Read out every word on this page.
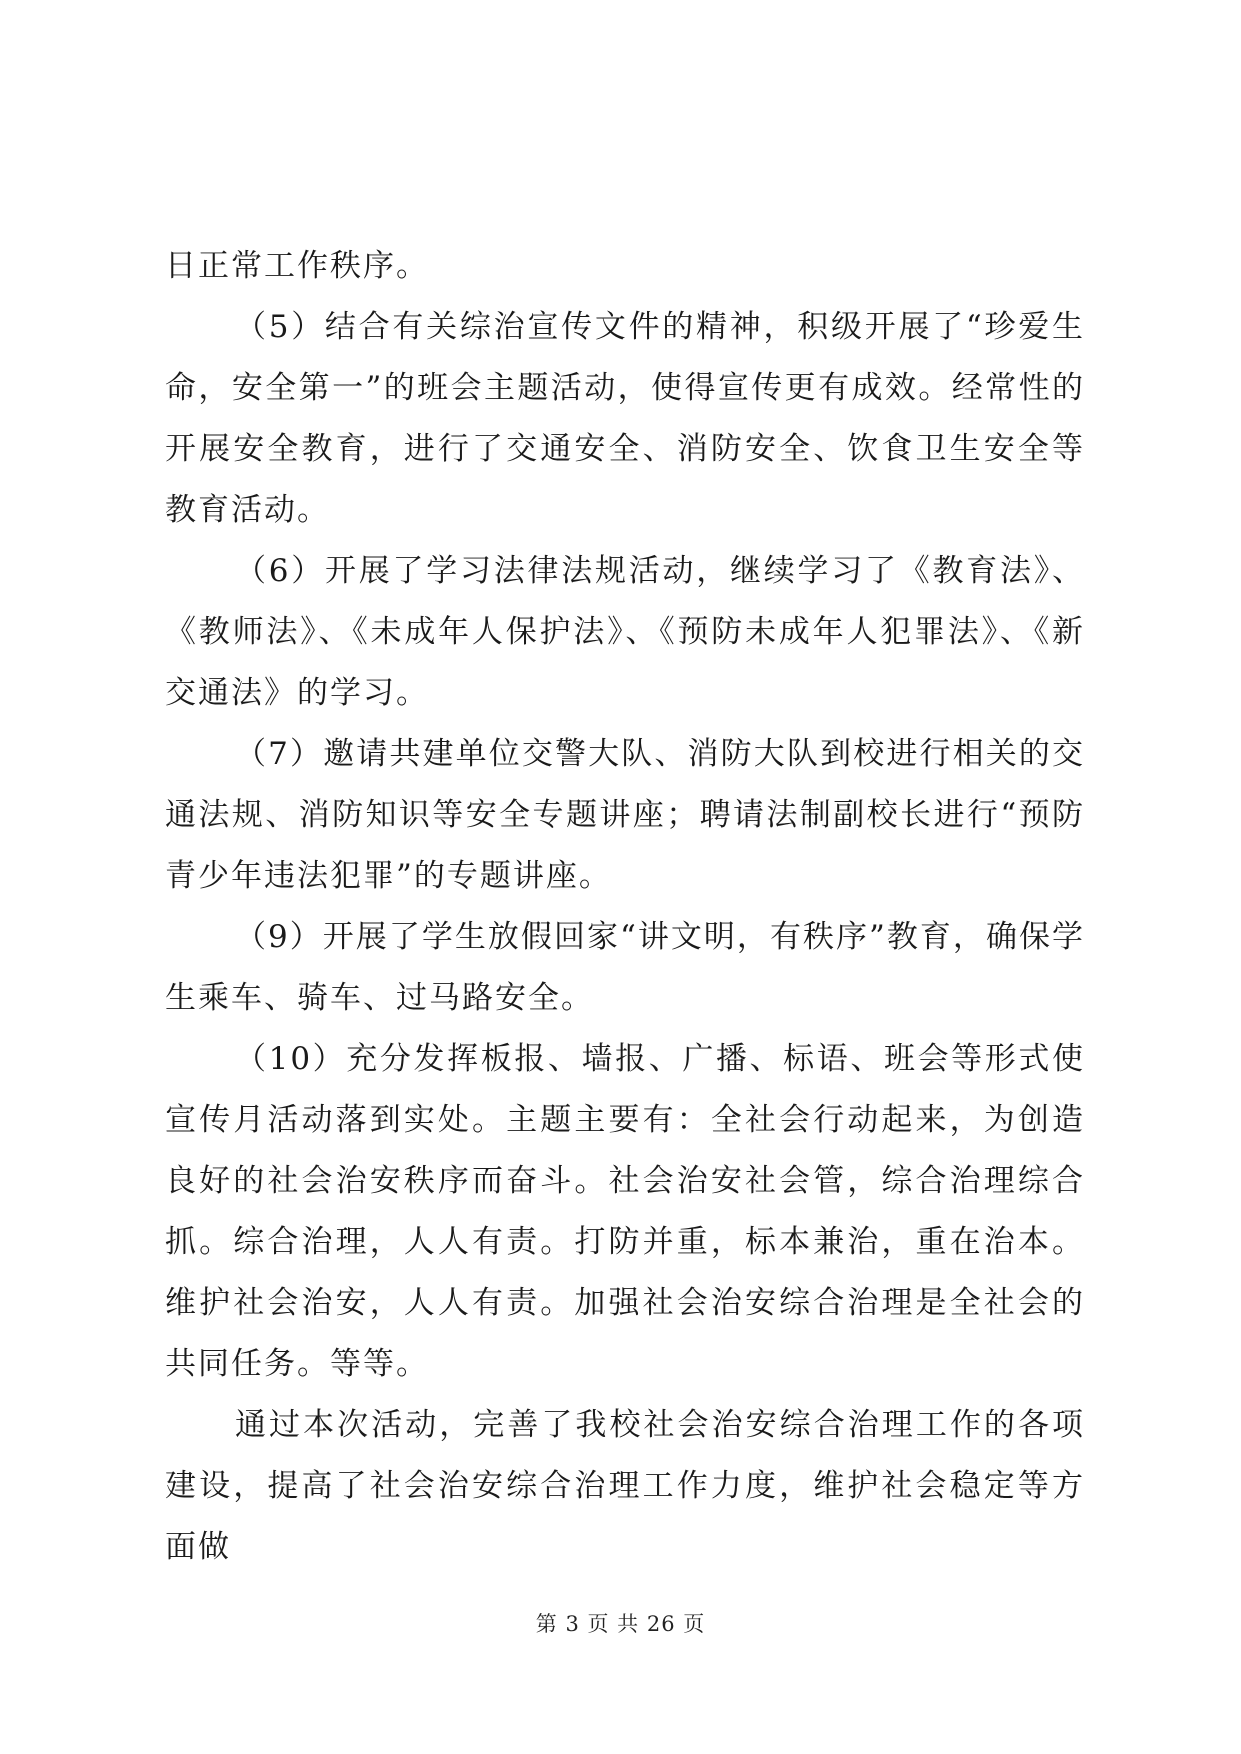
日正常工作秩序。

（5）结合有关综治宣传文件的精神，积级开展了“珍爱生命，安全第一”的班会主题活动，使得宣传更有成效。经常性的开展安全教育，进行了交通安全、消防安全、饮食卫生安全等教育活动。

（6）开展了学习法律法规活动，继续学习了《教育法》、《教师法》、《未成年人保护法》、《预防未成年人犯罪法》、《新交通法》的学习。

（7）邀请共建单位交警大队、消防大队到校进行相关的交通法规、消防知识等安全专题讲座；聘请法制副校长进行“预防青少年违法犯罪”的专题讲座。

（9）开展了学生放假回家“讲文明，有秩序”教育，确保学生乘车、骑车、过马路安全。

（10）充分发挥板报、墙报、广播、标语、班会等形式使宣传月活动落到实处。主题主要有：全社会行动起来，为创造良好的社会治安秩序而奋斗。社会治安社会管，综合治理综合抓。综合治理，人人有责。打防并重，标本兼治，重在治本。维护社会治安，人人有责。加强社会治安综合治理是全社会的共同任务。等等。

通过本次活动，完善了我校社会治安综合治理工作的各项建设，提高了社会治安综合治理工作力度，维护社会稳定等方面做

第 3 页 共 26 页
